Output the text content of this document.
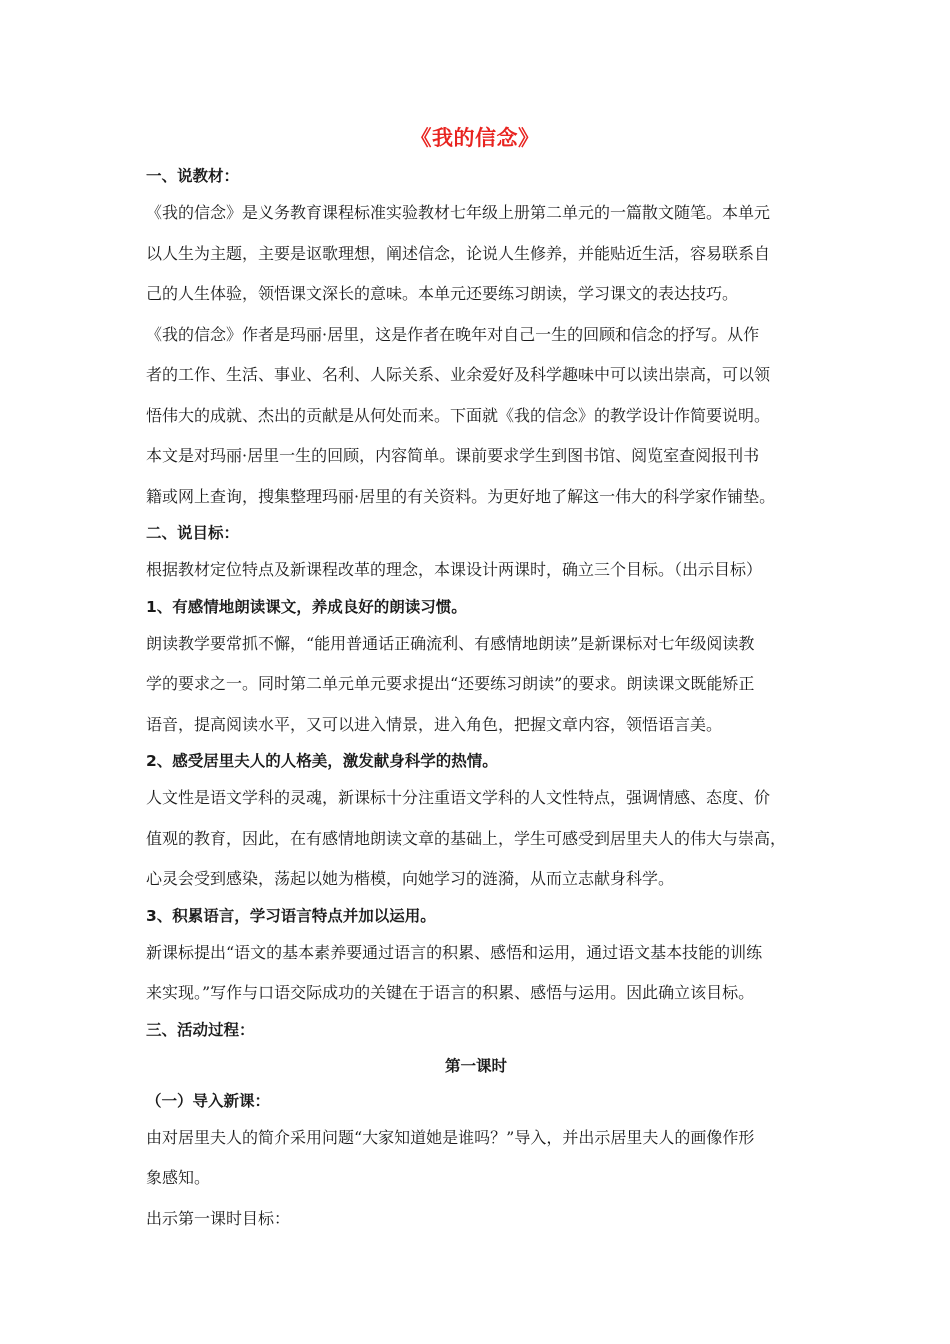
《我的信念》
一、说教材：
《我的信念》是义务教育课程标准实验教材七年级上册第二单元的一篇散文随笔。本单元
以人生为主题，主要是讴歌理想，阐述信念，论说人生修养，并能贴近生活，容易联系自
己的人生体验，领悟课文深长的意味。本单元还要练习朗读，学习课文的表达技巧。
《我的信念》作者是玛丽·居里，这是作者在晚年对自己一生的回顾和信念的抒写。从作
者的工作、生活、事业、名利、人际关系、业余爱好及科学趣味中可以读出崇高，可以领
悟伟大的成就、杰出的贡献是从何处而来。下面就《我的信念》的教学设计作简要说明。
本文是对玛丽·居里一生的回顾，内容简单。课前要求学生到图书馆、阅览室查阅报刊书
籍或网上查询，搜集整理玛丽·居里的有关资料。为更好地了解这一伟大的科学家作铺垫。
二、说目标：
根据教材定位特点及新课程改革的理念，本课设计两课时，确立三个目标。（出示目标）
1、有感情地朗读课文，养成良好的朗读习惯。
朗读教学要常抓不懈，“能用普通话正确流利、有感情地朗读”是新课标对七年级阅读教
学的要求之一。同时第二单元单元要求提出“还要练习朗读”的要求。朗读课文既能矫正
语音，提高阅读水平，又可以进入情景，进入角色，把握文章内容，领悟语言美。
2、感受居里夫人的人格美，激发献身科学的热情。
人文性是语文学科的灵魂，新课标十分注重语文学科的人文性特点，强调情感、态度、价
值观的教育，因此，在有感情地朗读文章的基础上，学生可感受到居里夫人的伟大与崇高，
心灵会受到感染，荡起以她为楷模，向她学习的涟漪，从而立志献身科学。
3、积累语言，学习语言特点并加以运用。
新课标提出“语文的基本素养要通过语言的积累、感悟和运用，通过语文基本技能的训练
来实现。”写作与口语交际成功的关键在于语言的积累、感悟与运用。因此确立该目标。
三、活动过程：
第一课时
（一）导入新课：
由对居里夫人的简介采用问题“大家知道她是谁吗？”导入，并出示居里夫人的画像作形
象感知。
出示第一课时目标：
